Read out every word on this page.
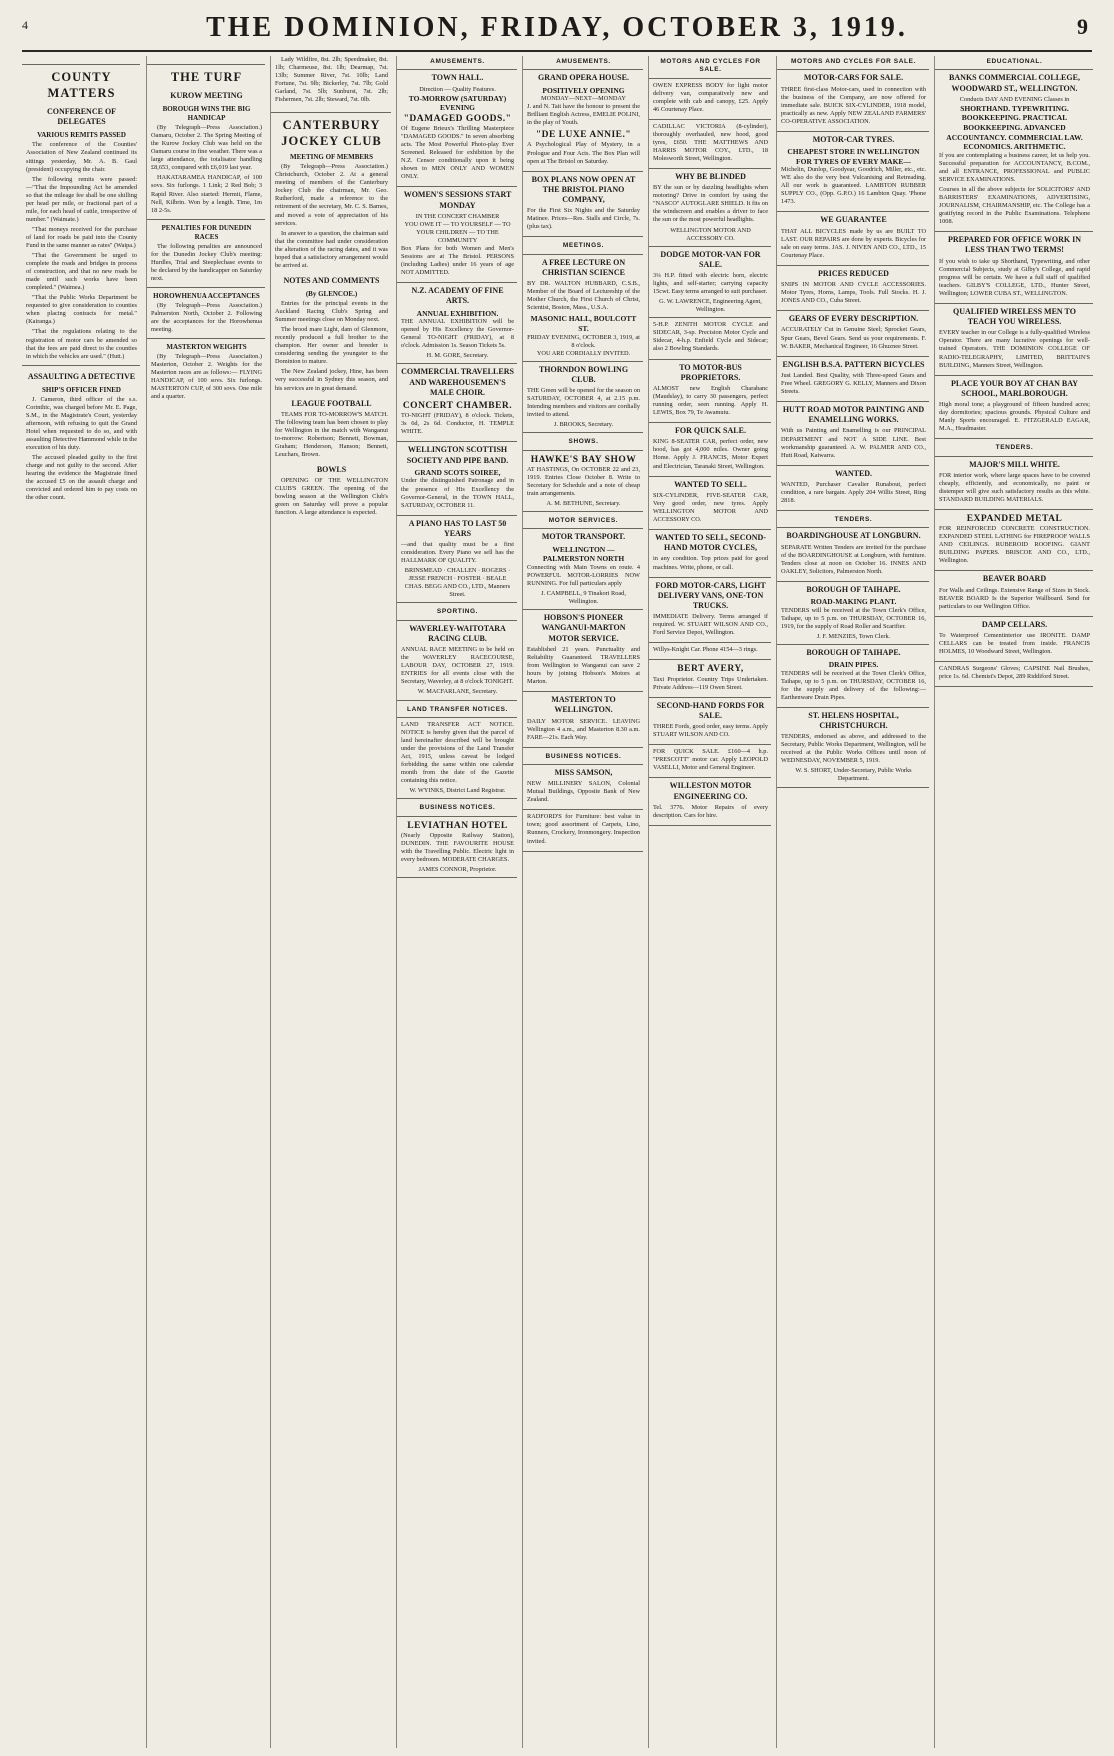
4	THE DOMINION, FRIDAY, OCTOBER 3, 1919.	9
COUNTY MATTERS
CONFERENCE OF DELEGATES
VARIOUS REMITS PASSED

The conference of the Counties' Association of New Zealand continued its sittings yesterday, Mr. A. B. Gaul (president) occupying the chair.

The following remits were passed:—"That the Impounding Act be amended so that the mileage fee shall be one shilling per head per mile, or fractional part of a mile, for each head of cattle, irrespective of number." (Waimate.)

"That moneys received for the purchase of land for roads be paid into the County Fund in the same manner as rates" (Waipa.)

"That the Government be urged to complete the roads and bridges in process of construction, and that no new roads be made until such works have been completed." (Waimea.)

"That the Public Works Department be requested to give consideration to counties when placing contracts for metal." (Kairanga.)

"That the regulations relating to the registration of motor cars be amended so that the fees are paid direct to the counties in which the vehicles are used." (Hutt.)

ASSAULTING A DETECTIVE
SHIP'S OFFICER FINED

J. Cameron, third officer of the s.s. Corinthic, was charged before Mr. E. Page, S.M., in the Magistrate's Court, yesterday afternoon, with refusing to quit the Grand Hotel when requested to do so, and with assaulting Detective Hammond while in the execution of his duty.

The accused pleaded guilty to the first charge and not guilty to the second. After hearing the evidence the Magistrate fined the accused £5 on the assault charge and convicted and ordered him to pay costs on the other count.

THE TURF
KUROW MEETING
BOROUGH WINS THE BIG HANDICAP

(By Telegraph—Press Association.) Oamaru, October 2. The Spring Meeting of the Kurow Jockey Club was held on the Oamaru course in fine weather. There was a large attendance, the totalisator handling £8,653, compared with £6,019 last year.

HAKATARAMEA HANDICAP, of 100 sovs. Six furlongs. 1 Link; 2 Red Bob; 3 Rapid River. Also started: Hermit, Flame, Nell, Kilbrin. Won by a length. Time, 1m 18 2-5s.

PENALTIES FOR DUNEDIN RACES

The following penalties are announced for the Dunedin Jockey Club's meeting: Hurdles, Trial and Steeplechase events to be declared by the handicapper on Saturday next.

HOROWHENUA ACCEPTANCES

(By Telegraph—Press Association.) Palmerston North, October 2. Following are the acceptances for the Horowhenua meeting.

MASTERTON WEIGHTS

(By Telegraph—Press Association.) Masterton, October 2. Weights for the Masterton races are as follows:— FLYING HANDICAP, of 100 sovs. Six furlongs. MASTERTON CUP, of 300 sovs. One mile and a quarter.

Lady Wildfire, 8st. 2lb; Speedmaker, 8st. 1lb; Charmeuse, 8st. 1lb; Dearmap, 7st. 13lb; Summer River, 7st. 10lb; Land Fortune, 7st. 9lb; Bickerley, 7st. 7lb; Gold Garland, 7st. 5lb; Sunburst, 7st. 2lb; Fishermen, 7st. 2lb; Steward, 7st. 0lb.

CANTERBURY JOCKEY CLUB
MEETING OF MEMBERS

(By Telegraph—Press Association.) Christchurch, October 2. At a general meeting of members of the Canterbury Jockey Club the chairman, Mr. Geo. Rutherford, made a reference to the retirement of the secretary, Mr. C. S. Barnes, and moved a vote of appreciation of his services.

In answer to a question, the chairman said that the committee had under consideration the alteration of the racing dates, and it was hoped that a satisfactory arrangement would be arrived at.

NOTES AND COMMENTS
(By GLENCOE.)

Entries for the principal events in the Auckland Racing Club's Spring and Summer meetings close on Monday next.

The brood mare Light, dam of Glenmore, recently produced a full brother to the champion. Her owner and breeder is considering sending the youngster to the Dominion to mature.

The New Zealand jockey, Hine, has been very successful in Sydney this season, and his services are in great demand.

LEAGUE FOOTBALL

TEAMS FOR TO-MORROW'S MATCH. The following team has been chosen to play for Wellington in the match with Wanganui to-morrow: Robertson; Bennett, Bowman, Graham; Henderson, Hanson; Bennett, Leuchars, Brown.

BOWLS

OPENING OF THE WELLINGTON CLUB'S GREEN. The opening of the bowling season at the Wellington Club's green on Saturday will prove a popular function. A large attendance is expected.

AMUSEMENTS.
TOWN HALL.
Direction — Quality Features.
TO-MORROW (SATURDAY) EVENING
"DAMAGED GOODS."

Of Eugene Brieux's Thrilling Masterpiece "DAMAGED GOODS." In seven absorbing acts. The Most Powerful Photo-play Ever Screened. Released for exhibition by the N.Z. Censor conditionally upon it being shown to MEN ONLY AND WOMEN ONLY.

WOMEN'S SESSIONS START MONDAY
IN THE CONCERT CHAMBER
YOU OWE IT — TO YOURSELF — TO YOUR CHILDREN — TO THE COMMUNITY

Box Plans for both Women and Men's Sessions are at The Bristol. PERSONS (including Ladies) under 16 years of age NOT ADMITTED.

N.Z. ACADEMY OF FINE ARTS.
ANNUAL EXHIBITION.

THE ANNUAL EXHIBITION will be opened by His Excellency the Governor-General TO-NIGHT (FRIDAY), at 8 o'clock. Admission 1s. Season Tickets 5s.

H. M. GORE, Secretary.
COMMERCIAL TRAVELLERS AND WAREHOUSEMEN'S MALE CHOIR.
CONCERT CHAMBER.

TO-NIGHT (FRIDAY), 8 o'clock. Tickets, 3s 6d, 2s 6d. Conductor, H. TEMPLE WHITE.

WELLINGTON SCOTTISH SOCIETY AND PIPE BAND.
GRAND SCOTS SOIREE,

Under the distinguished Patronage and in the presence of His Excellency the Governor-General, in the TOWN HALL, SATURDAY, OCTOBER 11.

A PIANO HAS TO LAST 50 YEARS

—and that quality must be a first consideration. Every Piano we sell has the HALLMARK OF QUALITY.

BRINSMEAD · CHALLEN · ROGERS · JESSE FRENCH · FOSTER · BEALE
CHAS. BEGG AND CO., LTD., Manners Street.
SPORTING.
WAVERLEY-WAITOTARA RACING CLUB.

ANNUAL RACE MEETING to be held on the WAVERLEY RACECOURSE, LABOUR DAY, OCTOBER 27, 1919. ENTRIES for all events close with the Secretary, Waverley, at 8 o'clock TONIGHT.

W. MACFARLANE, Secretary.
LAND TRANSFER NOTICES.

LAND TRANSFER ACT NOTICE. NOTICE is hereby given that the parcel of land hereinafter described will be brought under the provisions of the Land Transfer Act, 1915, unless caveat be lodged forbidding the same within one calendar month from the date of the Gazette containing this notice.

W. WYINKS, District Land Registrar.
BUSINESS NOTICES.
LEVIATHAN HOTEL

(Nearly Opposite Railway Station), DUNEDIN. THE FAVOURITE HOUSE with the Travelling Public. Electric light in every bedroom. MODERATE CHARGES.

JAMES CONNOR, Proprietor.
AMUSEMENTS.
GRAND OPERA HOUSE.
POSITIVELY OPENING
MONDAY—NEXT—MONDAY

J. and N. Tait have the honour to present the Brilliant English Actress, EMELIE POLINI, in the play of Youth.

"DE LUXE ANNIE."

A Psychological Play of Mystery, in a Prologue and Four Acts. The Box Plan will open at The Bristol on Saturday.

BOX PLANS NOW OPEN AT THE BRISTOL PIANO COMPANY,

For the First Six Nights and the Saturday Matinee. Prices—Res. Stalls and Circle, 7s. (plus tax).

MEETINGS.
A FREE LECTURE ON CHRISTIAN SCIENCE

BY DR. WALTON HUBBARD, C.S.B., Member of the Board of Lectureship of the Mother Church, the First Church of Christ, Scientist, Boston, Mass., U.S.A.

MASONIC HALL, BOULCOTT ST.
FRIDAY EVENING, OCTOBER 3, 1919, at 8 o'clock.
YOU ARE CORDIALLY INVITED.
THORNDON BOWLING CLUB.

THE Green will be opened for the season on SATURDAY, OCTOBER 4, at 2.15 p.m. Intending members and visitors are cordially invited to attend.

J. BROOKS, Secretary.
SHOWS.
HAWKE'S BAY SHOW

AT HASTINGS, On OCTOBER 22 and 23, 1919. Entries Close October 8. Write to Secretary for Schedule and a note of cheap train arrangements.

A. M. BETHUNE, Secretary.
MOTOR SERVICES.
MOTOR TRANSPORT.
WELLINGTON — PALMERSTON NORTH

Connecting with Main Towns en route. 4 POWERFUL MOTOR-LORRIES NOW RUNNING. For full particulars apply

J. CAMPBELL, 9 Tinakori Road, Wellington.
HOBSON'S PIONEER WANGANUI-MARTON MOTOR SERVICE.

Established 21 years. Punctuality and Reliability Guaranteed. TRAVELLERS from Wellington to Wanganui can save 2 hours by joining Hobson's Motors at Marton.

MASTERTON TO WELLINGTON.

DAILY MOTOR SERVICE. LEAVING Wellington 4 a.m., and Masterton 8.30 a.m. FARE—21s. Each Way.

BUSINESS NOTICES.
MISS SAMSON,

NEW MILLINERY SALON, Colonial Mutual Buildings, Opposite Bank of New Zealand.

RADFORD'S for Furniture: best value in town; good assortment of Carpets, Lino, Runners, Crockery, Ironmongery. Inspection invited.

MOTORS AND CYCLES FOR SALE.

OWEN EXPRESS BODY for light motor delivery van, comparatively new and complete with cab and canopy, £25. Apply 46 Courtenay Place.

CADILLAC VICTORIA (8-cylinder), thoroughly overhauled, new hood, good tyres, £650. THE MATTHEWS AND HARRIS MOTOR COY., LTD., 18 Molesworth Street, Wellington.

WHY BE BLINDED

BY the sun or by dazzling headlights when motoring? Drive in comfort by using the "NASCO" AUTOGLARE SHIELD. It fits on the windscreen and enables a driver to face the sun or the most powerful headlights.

WELLINGTON MOTOR AND ACCESSORY CO.
DODGE MOTOR-VAN FOR SALE.

3¼ H.P. fitted with electric horn, electric lights, and self-starter; carrying capacity 15cwt. Easy terms arranged to suit purchaser.

G. W. LAWRENCE, Engineering Agent, Wellington.

5-H.P. ZENITH MOTOR CYCLE and SIDECAR, 3-sp. Precision Motor Cycle and Sidecar, 4-h.p. Enfield Cycle and Sidecar; also 2 Bowling Standards.

TO MOTOR-BUS PROPRIETORS.

ALMOST new English Charabanc (Maudslay), to carry 30 passengers, perfect running order, seen running. Apply H. LEWIS, Box 79, Te Awamutu.

FOR QUICK SALE.

KING 8-SEATER CAR, perfect order, new hood, has got 4,000 miles. Owner going Home. Apply J. FRANCIS, Motor Expert and Electrician, Taranaki Street, Wellington.

WANTED TO SELL.

SIX-CYLINDER, FIVE-SEATER CAR, Very good order, new tyres. Apply WELLINGTON MOTOR AND ACCESSORY CO.

WANTED TO SELL, SECOND-HAND MOTOR CYCLES,

in any condition. Top prices paid for good machines. Write, phone, or call.

FORD MOTOR-CARS, LIGHT DELIVERY VANS, ONE-TON TRUCKS.

IMMEDIATE Delivery. Terms arranged if required. W. STUART WILSON AND CO., Ford Service Depot, Wellington.

Willys-Knight Car. Phone 4154—3 rings.

BERT AVERY,

Taxi Proprietor. Country Trips Undertaken. Private Address—119 Owen Street.

SECOND-HAND FORDS FOR SALE.

THREE Fords, good order, easy terms. Apply STUART WILSON AND CO.

FOR QUICK SALE. £160—4 h.p. "PRESCOTT" motor car. Apply LEOPOLD VASELLI, Motor and General Engineer.

WILLESTON MOTOR ENGINEERING CO.

Tel. 3776. Motor Repairs of every description. Cars for hire.

MOTORS AND CYCLES FOR SALE.
MOTOR-CARS FOR SALE.

THREE first-class Motor-cars, used in connection with the business of the Company, are now offered for immediate sale. BUICK SIX-CYLINDER, 1918 model, practically as new. Apply NEW ZEALAND FARMERS' CO-OPERATIVE ASSOCIATION.

MOTOR-CAR TYRES.
CHEAPEST STORE IN WELLINGTON FOR TYRES OF EVERY MAKE—

Michelin, Dunlop, Goodyear, Goodrich, Miller, etc., etc. WE also do the very best Vulcanising and Retreading. All our work is guaranteed. LAMBTON RUBBER SUPPLY CO., (Opp. G.P.O.) 16 Lambton Quay. 'Phone 1473.

WE GUARANTEE

THAT ALL BICYCLES made by us are BUILT TO LAST. OUR REPAIRS are done by experts. Bicycles for sale on easy terms. JAS. J. NIVEN AND CO., LTD., 15 Courtenay Place.

PRICES REDUCED

SNIPS IN MOTOR AND CYCLE ACCESSORIES. Motor Tyres, Horns, Lamps, Tools. Full Stocks. H. J. JONES AND CO., Cuba Street.

GEARS OF EVERY DESCRIPTION.

ACCURATELY Cut in Genuine Steel; Sprocket Gears, Spur Gears, Bevel Gears. Send us your requirements. F. W. BAKER, Mechanical Engineer, 16 Ghuznee Street.

ENGLISH B.S.A. PATTERN BICYCLES

Just Landed. Best Quality, with Three-speed Gears and Free Wheel. GREGORY G. KELLY, Manners and Dixon Streets.

HUTT ROAD MOTOR PAINTING AND ENAMELLING WORKS.

With us Painting and Enamelling is our PRINCIPAL DEPARTMENT and NOT A SIDE LINE. Best workmanship guaranteed. A. W. PALMER AND CO., Hutt Road, Kaiwarra.

WANTED.

WANTED, Purchaser Cavalier Runabout, perfect condition, a rare bargain. Apply 204 Willis Street, Ring 2818.

TENDERS.
BOARDINGHOUSE AT LONGBURN.

SEPARATE Written Tenders are invited for the purchase of the BOARDINGHOUSE at Longburn, with furniture. Tenders close at noon on October 16. INNES AND OAKLEY, Solicitors, Palmerston North.

BOROUGH OF TAIHAPE.
ROAD-MAKING PLANT.

TENDERS will be received at the Town Clerk's Office, Taihape, up to 5 p.m. on THURSDAY, OCTOBER 16, 1919, for the supply of Road Roller and Scarifier.

J. F. MENZIES, Town Clerk.
BOROUGH OF TAIHAPE.
DRAIN PIPES.

TENDERS will be received at the Town Clerk's Office, Taihape, up to 5 p.m. on THURSDAY, OCTOBER 16, for the supply and delivery of the following:—Earthenware Drain Pipes.

ST. HELENS HOSPITAL, CHRISTCHURCH.

TENDERS, endorsed as above, and addressed to the Secretary, Public Works Department, Wellington, will be received at the Public Works Offices until noon of WEDNESDAY, NOVEMBER 5, 1919.

W. S. SHORT, Under-Secretary, Public Works Department.
EDUCATIONAL.
BANKS COMMERCIAL COLLEGE, WOODWARD ST., WELLINGTON.
Conducts DAY AND EVENING Classes in
SHORTHAND. TYPEWRITING. BOOKKEEPING. PRACTICAL BOOKKEEPING. ADVANCED ACCOUNTANCY. COMMERCIAL LAW. ECONOMICS. ARITHMETIC.

If you are contemplating a business career, let us help you. Successful preparation for ACCOUNTANCY, B.COM., and all ENTRANCE, PROFESSIONAL and PUBLIC SERVICE EXAMINATIONS.

Courses in all the above subjects for SOLICITORS' AND BARRISTERS' EXAMINATIONS, ADVERTISING, JOURNALISM, CHAIRMANSHIP, etc. The College has a gratifying record in the Public Examinations. Telephone 1008.

PREPARED FOR OFFICE WORK IN LESS THAN TWO TERMS!

If you wish to take up Shorthand, Typewriting, and other Commercial Subjects, study at Gilby's College, and rapid progress will be certain. We have a full staff of qualified teachers. GILBY'S COLLEGE, LTD., Hunter Street, Wellington; LOWER CUBA ST., WELLINGTON.

QUALIFIED WIRELESS MEN TO TEACH YOU WIRELESS.

EVERY teacher in our College is a fully-qualified Wireless Operator. There are many lucrative openings for well-trained Operators. THE DOMINION COLLEGE OF RADIO-TELEGRAPHY, LIMITED, BRITTAIN'S BUILDING, Manners Street, Wellington.

PLACE YOUR BOY AT CHAN BAY SCHOOL, MARLBOROUGH.

High moral tone; a playground of fifteen hundred acres; day dormitories; spacious grounds. Physical Culture and Manly Sports encouraged. E. FITZGERALD EAGAR, M.A., Headmaster.

TENDERS.
MAJOR'S MILL WHITE.

FOR interior work, where large spaces have to be covered cheaply, efficiently, and economically, no paint or distemper will give such satisfactory results as this white. STANDARD BUILDING MATERIALS.

EXPANDED METAL

FOR REINFORCED CONCRETE CONSTRUCTION. EXPANDED STEEL LATHING for FIREPROOF WALLS AND CEILINGS. RUBEROID ROOFING. GIANT BUILDING PAPERS. BRISCOE AND CO., LTD., Wellington.

BEAVER BOARD

For Walls and Ceilings. Extensive Range of Sizes in Stock. BEAVER BOARD Is the Superior Wallboard. Send for particulars to our Wellington Office.

DAMP CELLARS.

To Waterproof Cementinterior use IRONITE. DAMP CELLARS can be treated from inside. FRANCIS HOLMES, 10 Woodward Street, Wellington.

CANDRAS Surgeons' Gloves; CAPSINE Nail Brushes, price 1s. 6d. Chemist's Depot, 289 Riddiford Street.
